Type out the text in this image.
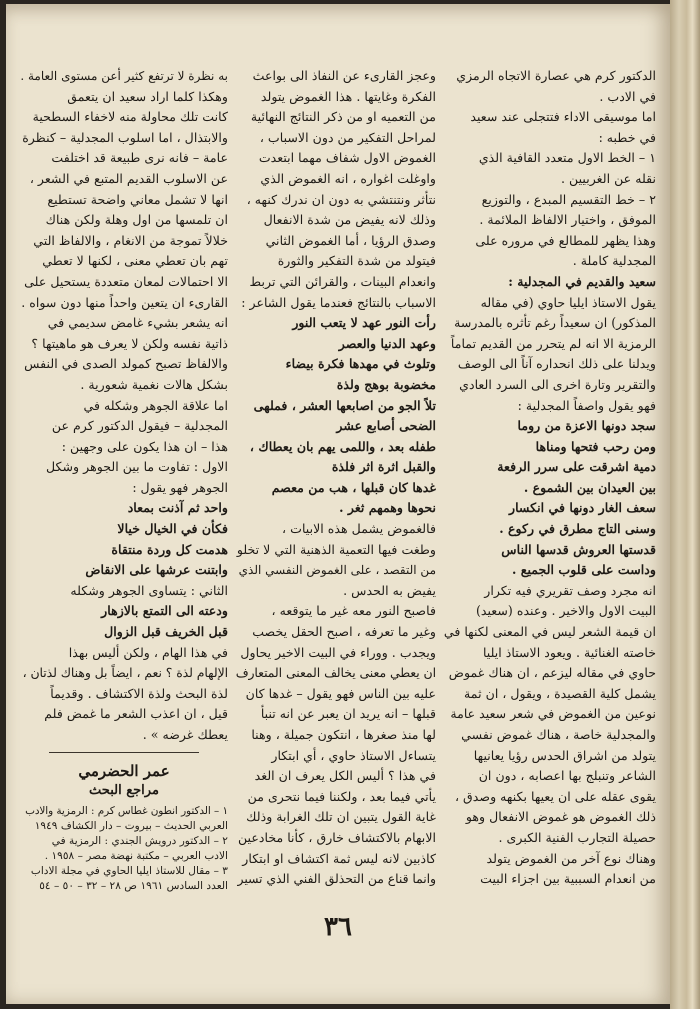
الدكتور كرم هي عصارة الاتجاه الرمزي

في الادب .

اما موسيقى الاداء فتتجلى عند سعيد

في خطبه :

١ – الخط الاول متعدد القافية الذي

نقله عن الغربيين .

٢ – خط التقسيم المبدع ، والتوزيع

الموفق ، واختيار الالفاظ الملائمة .

وهذا يظهر للمطالع في مروره على

المجدلية كاملة .

سعيد والقديم في المجدلية :

يقول الاستاذ ايليا حاوي (في مقاله

المذكور) ان سعيداً رغم تأثره بالمدرسة

الرمزية الا انه لم يتحرر من القديم تماماً

ويدلنا على ذلك انحداره آناً الى الوصف

والتقرير وتارة اخرى الى السرد العادي

فهو يقول واصفاً المجدلية :

سجد دونها الاعزة من روما

ومن رحب فتحها ومناها

دمية اشرقت على سرر الرفعة

بين العيدان بين الشموع .

سعف الغار دونها في انكسار

وسنى التاج مطرق في ركوع .

قدستها العروش قدسها الناس

وداست على قلوب الجميع .

انه مجرد وصف تقريري فيه تكرار

البيت الاول والاخير . وعنده (سعيد)

ان قيمة الشعر ليس في المعنى لكنها في

خاصته الغنائية . ويعود الاستاذ ايليا

حاوي في مقاله ليزعم ، ان هناك غموض

يشمل كلية القصيدة ، ويقول ، ان ثمة

نوعين من الغموض في شعر سعيد عامة

والمجدلية خاصة ، هناك غموض نفسي

يتولد من اشراق الحدس رؤيا يعانيها

الشاعر وتنبلج بها اعصابه ، دون ان

يقوى عقله على ان يعيها بكنهه وصدق ،

ذلك الغموض هو غموض الانفعال وهو

حصيلة التجارب الفنية الكبرى .

وهناك نوع آخر من الغموض يتولد

من انعدام السببية بين اجزاء البيت

وعجز القارىء عن النفاذ الى بواعث

الفكرة وغايتها . هذا الغموض يتولد

من التعميه او من ذكر النتائج النهائية

لمراحل التفكير من دون الاسباب ،

الغموض الاول شفاف مهما ابتعدت

واوغلت اغواره ، انه الغموض الذي

نتأثر ونتنتشي به دون ان ندرك كنهه ،

وذلك لانه يفيض من شدة الانفعال

وصدق الرؤيا ، أما الغموض الثاني

فيتولد من شدة التفكير والثورة

وانعدام البينات ، والقرائن التي تربط

الاسباب بالنتائج فعندما يقول الشاعر :

رأت النور عهد لا يتعب النور

وعهد الدنيا والعصر

وتلوث في مهدها فكرة بيضاء

مخضوبة بوهج ولذة

تلاً الجو من اصابعها العشر ، فملهى

الضحى أصابع عشر

طفله بعد ، واللمى يهم بان يعطاك ،

والقبل اثرة اثر فلذة

غدها كان قبلها ، هب من معصم

نحوها وهمهم ثغر .

فالغموض يشمل هذه الابيات ،

وطغت فيها التعمية الذهنية التي لا تخلو

من التقصد ، على الغموض النفسي الذي

يفيض به الحدس .

فاصبح النور معه غير ما يتوقعه ،

وغير ما تعرفه ، اصبح الحقل يخصب

ويجدب . ووراء في البيت الاخير يحاول

ان يعطي معنى يخالف المعنى المتعارف

عليه بين الناس فهو يقول – غدها كان

قبلها – انه يريد ان يعبر عن انه تنبأ

لها منذ صغرها ، انتكون جميلة ، وهنا

يتساءل الاستاذ حاوي ، أي ابتكار

في هذا ؟ أليس الكل يعرف ان الغد

يأتي فيما بعد ، ولكننا فيما نتحرى من

غاية القول يتبين ان تلك الغرابة وذلك

الابهام بالاكتشاف خارق ، كأنا مخادعين

كاذبين لانه ليس ثمة اكتشاف او ابتكار

وانما قناع من التحذلق الفني الذي تسير

به نظرة لا ترتفع كثير أعن مستوى العامة .

وهكذا كلما اراد سعيد ان يتعمق

كانت تلك محاولة منه لاخفاء السطحية

والابتذال ، اما اسلوب المجدلية – كنظرة

عامة – فانه نرى طبيعة قد اختلفت

عن الاسلوب القديم المتبع في الشعر ،

انها لا تشمل معاني واضحة تستطيع

ان تلمسها من اول وهلة ولكن هناك

خلالاً تموجة من الانغام ، والالفاظ التي

تهم بان تعطي معنى ، لكنها لا تعطي

الا احتمالات لمعان متعددة يستحيل على

القارىء ان يتعين واحداً منها دون سواه .

انه يشعر بشيء غامض سديمي في

ذاتية نفسه ولكن لا يعرف هو ماهيتها ؟

والالفاظ تصبح كمولد الصدى في النفس

بشكل هالات نغمية شعورية .

اما علاقة الجوهر وشكله في

المجدلية – فيقول الدكتور كرم عن

هذا – ان هذا يكون على وجهين :

الاول : تفاوت ما بين الجوهر وشكل

الجوهر فهو يقول :

واحد ثم آذنت بمعاد

فكأن في الخيال خيالا

هدمت كل وردة منتقاة

وابتنت عرشها على الانقاض

الثاني : يتساوى الجوهر وشكله

ودعته الى التمتع بالازهار

قبل الخريف قبل الزوال

في هذا الهام ، ولكن أليس بهذا

الإلهام لذة ؟ نعم ، ايضاً بل وهناك لذتان ،

لذة البحث ولذة الاكتشاف . وقديماً

قيل ، ان اعذب الشعر ما غمض فلم

يعطك غرضه » .

عمر الحضرمي

مراجع البحث

١ – الدكتور انطون غطاس كرم : الرمزية والادب

العربي الحديث – بيروت – دار الكشاف ١٩٤٩

٢ – الدكتور درويش الجندي : الرمزية في

الادب العربي – مكتبة نهضة مصر – ١٩٥٨ .

٣ – مقال للاستاذ ايليا الحاوي في مجلة الاداب

العدد السادس ١٩٦١ ص ٢٨ – ٣٢ – ٥٠ – ٥٤

٣٦
